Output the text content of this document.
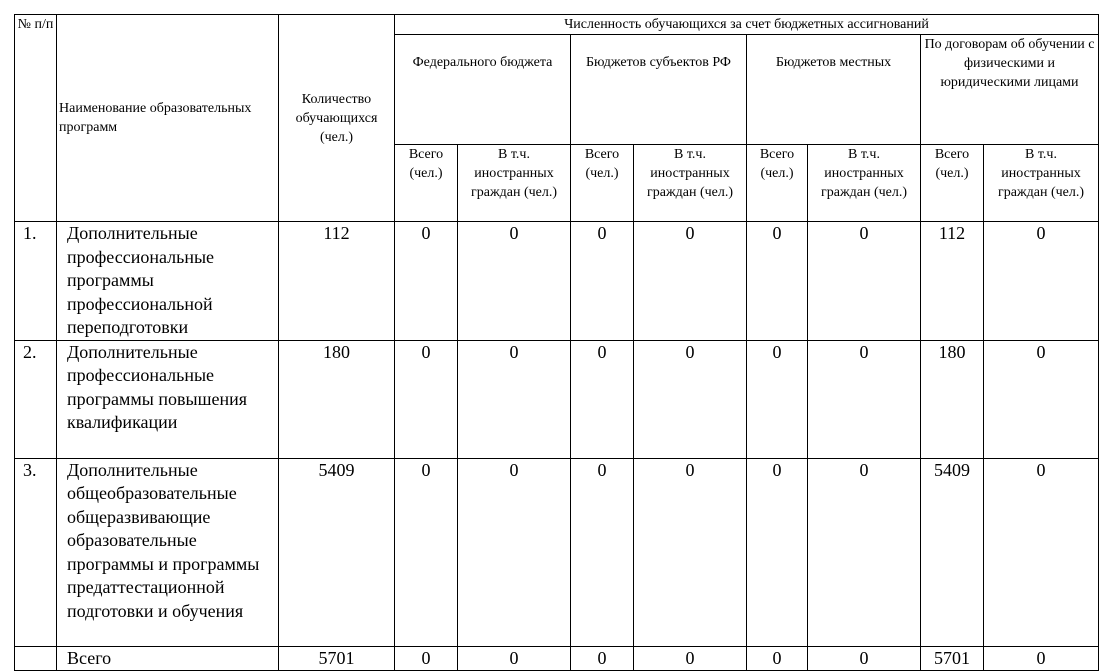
№ п/п	Наименование образовательных программ	Количество обучающихся (чел.)	Численность обучающихся за счет бюджетных ассигнований							
			Федерального бюджета		Бюджетов субъектов РФ		Бюджетов местных		По договорам об обучении с физическими и юридическими лицами	
			Всего (чел.)	В т.ч. иностранных граждан (чел.)	Всего (чел.)	В т.ч. иностранных граждан (чел.)	Всего (чел.)	В т.ч. иностранных граждан (чел.)	Всего (чел.)	В т.ч. иностранных граждан (чел.)
1.	Дополнительные профессиональные программы профессиональной переподготовки	112	0	0	0	0	0	0	112	0
2.	Дополнительные профессиональные программы повышения квалификации	180	0	0	0	0	0	0	180	0
3.	Дополнительные общеобразовательные общеразвивающие образовательные программы и программы предаттестационной подготовки и обучения	5409	0	0	0	0	0	0	5409	0
	Всего	5701	0	0	0	0	0	0	5701	0
